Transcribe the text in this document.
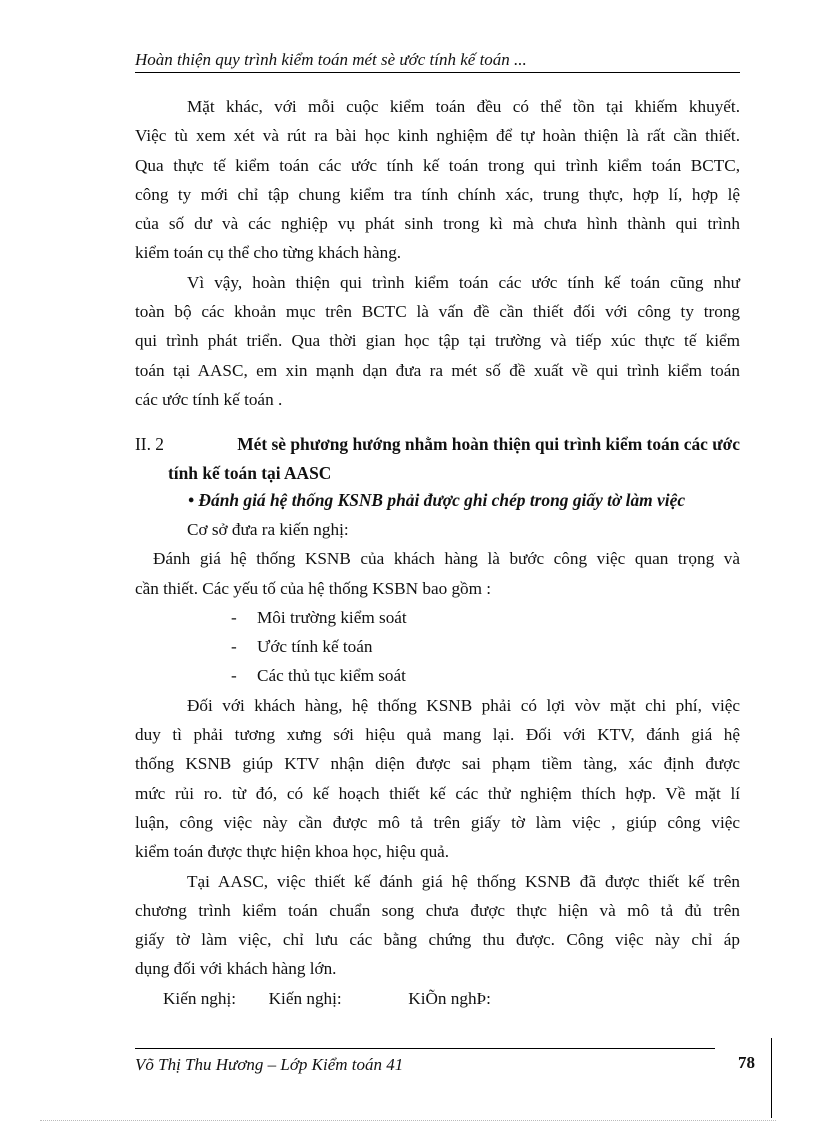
Hoàn thiện quy trình kiểm toán mét sè ước tính kế toán ...
Mặt khác, với mỗi cuộc kiểm toán đều có thể tồn tại khiếm khuyết.
Việc tù xem xét và rút ra bài học kinh nghiệm để tự hoàn thiện là rất cần thiết.
Qua thực tế kiểm toán các ước tính kế toán trong qui trình kiểm toán BCTC,
công ty mới chỉ tập chung kiểm tra tính chính xác, trung thực, hợp lí, hợp lệ
của số dư và các nghiệp vụ phát sinh trong kì mà chưa hình thành qui trình
kiểm toán cụ thể cho từng khách hàng.
Vì vậy, hoàn thiện qui trình kiểm toán các ước tính kế toán cũng như
toàn bộ các khoản mục trên BCTC là vấn đề cần thiết đối với công ty trong
qui trình phát triển. Qua thời gian học tập tại trường và tiếp xúc thực tế kiểm
toán tại AASC, em xin mạnh dạn đưa ra mét số đề xuất về qui trình kiểm toán
các ước tính kế toán .
II. 2	Mét sè phương hướng nhằm hoàn thiện qui trình kiểm toán các ước
tính kế toán tại AASC
• Đánh giá hệ thống KSNB phải được ghi chép trong giấy tờ làm việc
Cơ sở đưa ra kiến nghị:
Đánh giá hệ thống KSNB của khách hàng là bước công việc quan trọng và
cần thiết. Các yếu tố của hệ thống KSBN bao gồm :
-	Môi trường kiểm soát
-	Ước tính kế toán
-	Các thủ tục kiểm soát
Đối với khách hàng, hệ thống KSNB phải có lợi vòv mặt chi phí, việc
duy tì phải tương xưng sới hiệu quả mang lại. Đối với KTV, đánh giá hệ
thống KSNB giúp KTV nhận diện được sai phạm tiềm tàng, xác định được
mức rủi ro. từ đó, có kế hoạch thiết kế các thử nghiệm thích hợp. Về mặt lí
luận, công việc này cần được mô tả trên giấy tờ làm việc , giúp công việc
kiểm toán được thực hiện khoa học, hiệu quả.
Tại AASC, việc thiết kế đánh giá hệ thống KSNB đã được thiết kế trên
chương trình kiểm toán chuẩn song chưa được thực hiện và mô tả đủ trên
giấy tờ làm việc, chỉ lưu các bằng chứng thu được. Công việc này chỉ áp
dụng đối với khách hàng lớn.
Kiến nghị: Kiến nghị:	KiÕn nghÞ:
Võ Thị Thu Hương – Lớp Kiểm toán 41	78
